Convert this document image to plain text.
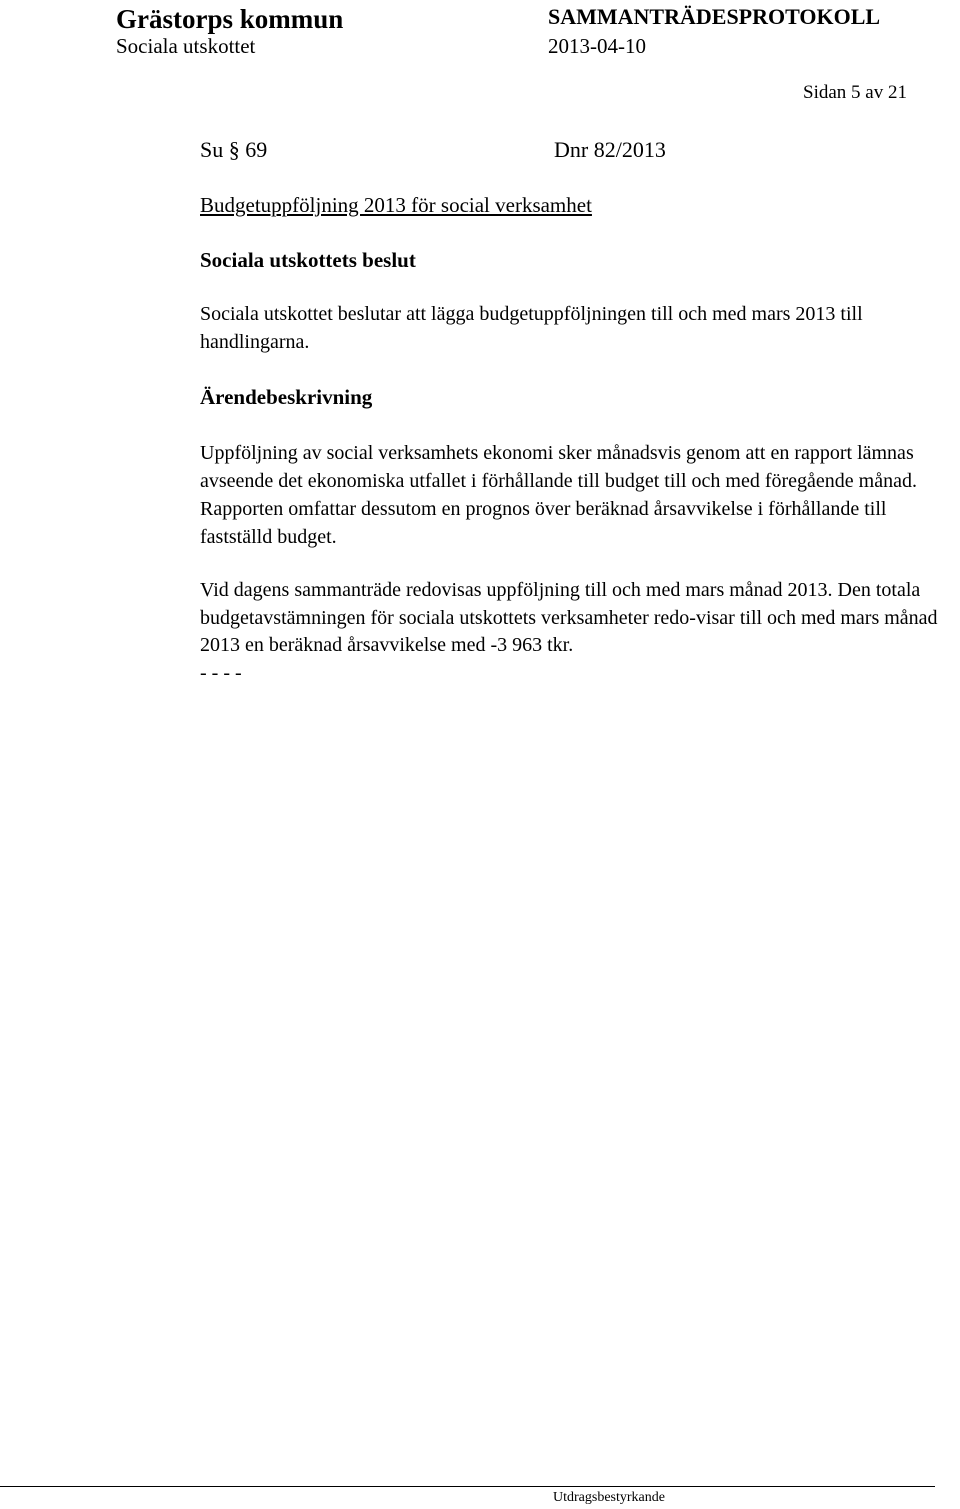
Grästorps kommun
Sociala utskottet
SAMMANTRÄDESPROTOKOLL
2013-04-10
Sidan 5 av 21
Su § 69	Dnr 82/2013
Budgetuppföljning 2013 för social verksamhet
Sociala utskottets beslut
Sociala utskottet beslutar att lägga budgetuppföljningen till och med mars 2013 till handlingarna.
Ärendebeskrivning
Uppföljning av social verksamhets ekonomi sker månadsvis genom att en rapport lämnas avseende det ekonomiska utfallet i förhållande till budget till och med föregående månad. Rapporten omfattar dessutom en prognos över beräknad årsavvikelse i förhållande till fastställd budget.
Vid dagens sammanträde redovisas uppföljning till och med mars månad 2013. Den totala budgetavstämningen för sociala utskottets verksamheter redo-visar till och med mars månad 2013 en beräknad årsavvikelse med -3 963 tkr.
- - - -
Utdragsbestyrkande
